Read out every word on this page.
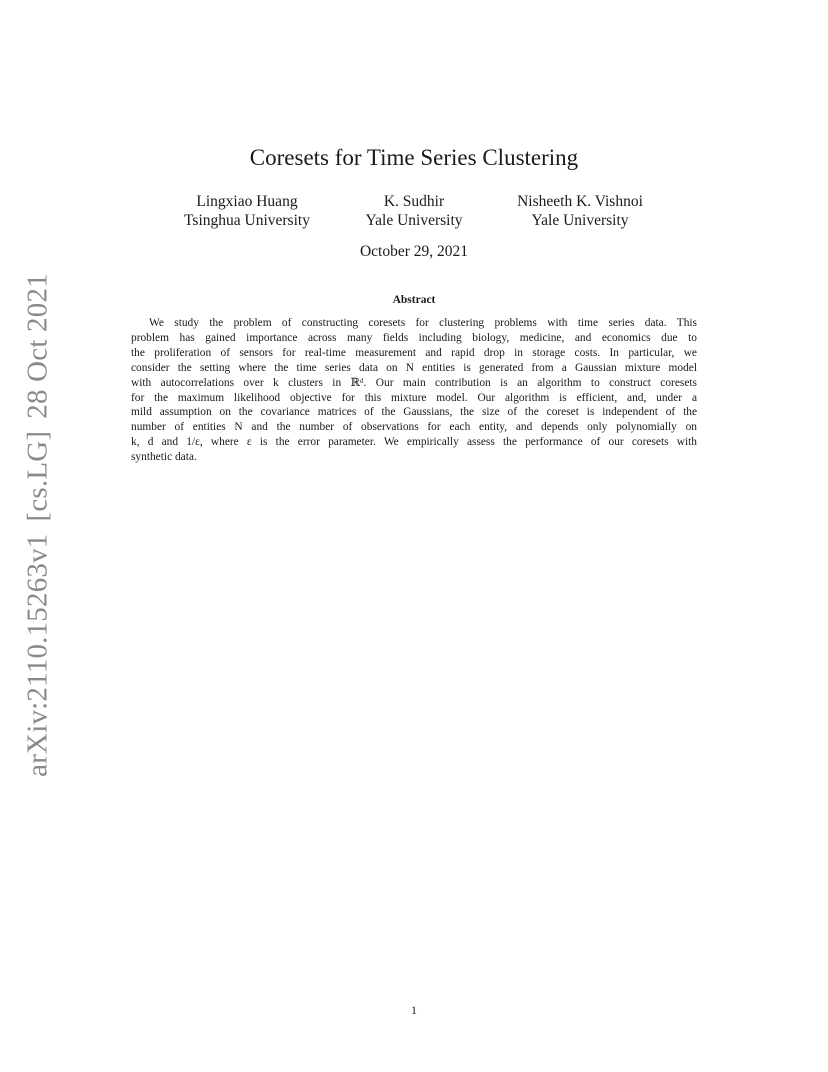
arXiv:2110.15263v1[cs.LG]28 Oct 2021
Coresets for Time Series Clustering
Lingxiao Huang
Tsinghua University
K. Sudhir
Yale University
Nisheeth K. Vishnoi
Yale University
October 29, 2021
Abstract
We study the problem of constructing coresets for clustering problems with time series data. This
problem has gained importance across many fields including biology, medicine, and economics due to
the proliferation of sensors for real-time measurement and rapid drop in storage costs. In particular, we
consider the setting where the time series data on N entities is generated from a Gaussian mixture model
with autocorrelations over k clusters in ℝᵈ. Our main contribution is an algorithm to construct coresets
for the maximum likelihood objective for this mixture model. Our algorithm is efficient, and, under a
mild assumption on the covariance matrices of the Gaussians, the size of the coreset is independent of the
number of entities N and the number of observations for each entity, and depends only polynomially on
k, d and 1/ε, where ε is the error parameter. We empirically assess the performance of our coresets with
synthetic data.
1
